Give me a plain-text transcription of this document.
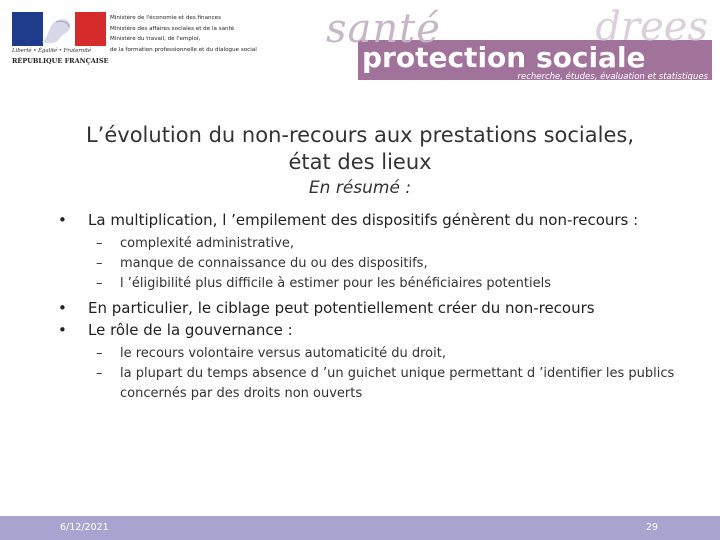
Liberté • Égalité • Fraternité
RÉPUBLIQUE FRANÇAISE
Ministère de l'économie et des finances
Ministère des affaires sociales et de la santé
Ministère du travail, de l'emploi,
de la formation professionnelle et du dialogue social santé	drees
protection sociale
recherche, études, évaluation et statistiques
L’évolution du non-recours aux prestations sociales,
état des lieux
En résumé :
• La multiplication, l ’empilement des dispositifs génèrent du non-recours :
– complexité administrative,
– manque de connaissance du ou des dispositifs,
– l ’éligibilité plus difficile à estimer pour les bénéficiaires potentiels
• En particulier, le ciblage peut potentiellement créer du non-recours
• Le rôle de la gouvernance :
– le recours volontaire versus automaticité du droit,
– la plupart du temps absence d ’un guichet unique permettant d ’identifier les publics concernés par des droits non ouverts
6/12/2021	29
